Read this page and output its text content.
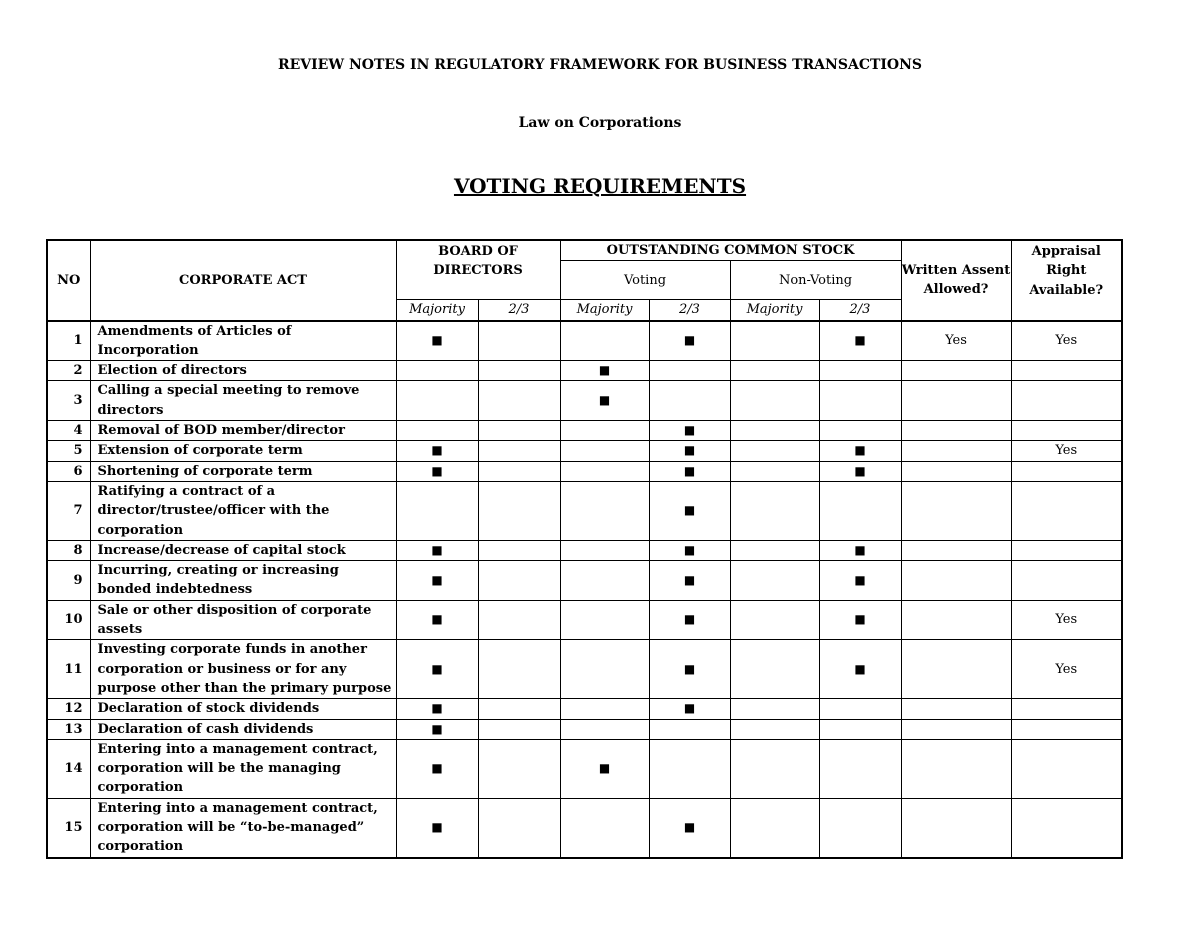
REVIEW NOTES IN REGULATORY FRAMEWORK FOR BUSINESS TRANSACTIONS
Law on Corporations
VOTING REQUIREMENTS
NO	CORPORATE ACT	BOARD OF DIRECTORS		OUTSTANDING COMMON STOCK				Written Assent Allowed?	Appraisal Right Available?
				Voting		Non-Voting			
		Majority	2/3	Majority	2/3	Majority	2/3		
1	Amendments of Articles of Incorporation	■			■		■	Yes	Yes
2	Election of directors			■					
3	Calling a special meeting to remove directors			■					
4	Removal of BOD member/director				■				
5	Extension of corporate term	■			■		■		Yes
6	Shortening of corporate term	■			■		■		
7	Ratifying a contract of a director/trustee/officer with the corporation				■				
8	Increase/decrease of capital stock	■			■		■		
9	Incurring, creating or increasing bonded indebtedness	■			■		■		
10	Sale or other disposition of corporate assets	■			■		■		Yes
11	Investing corporate funds in another corporation or business or for any purpose other than the primary purpose	■			■		■		Yes
12	Declaration of stock dividends	■			■				
13	Declaration of cash dividends	■							
14	Entering into a management contract, corporation will be the managing corporation	■		■					
15	Entering into a management contract, corporation will be “to-be-managed” corporation	■			■				
